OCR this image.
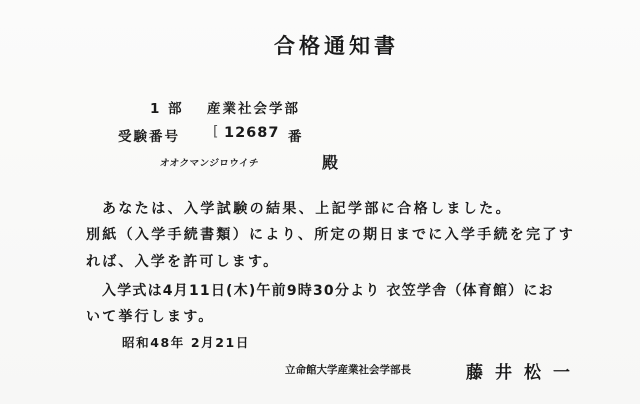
合格通知書
1 部 産業社会学部
受験番号 [ 12687 番
オオクマンジロウイチ	殿

あなたは、入学試験の結果、上記学部に合格しました。

別紙（入学手続書類）により、所定の期日までに入学手続を完了す

れば、入学を許可します。

入学式は4月11日(木)午前9時30分より 衣笠学舎（体育館）にお

いて挙行します。

昭和48年 2月21日
立命館大学産業社会学部長	藤井松一
